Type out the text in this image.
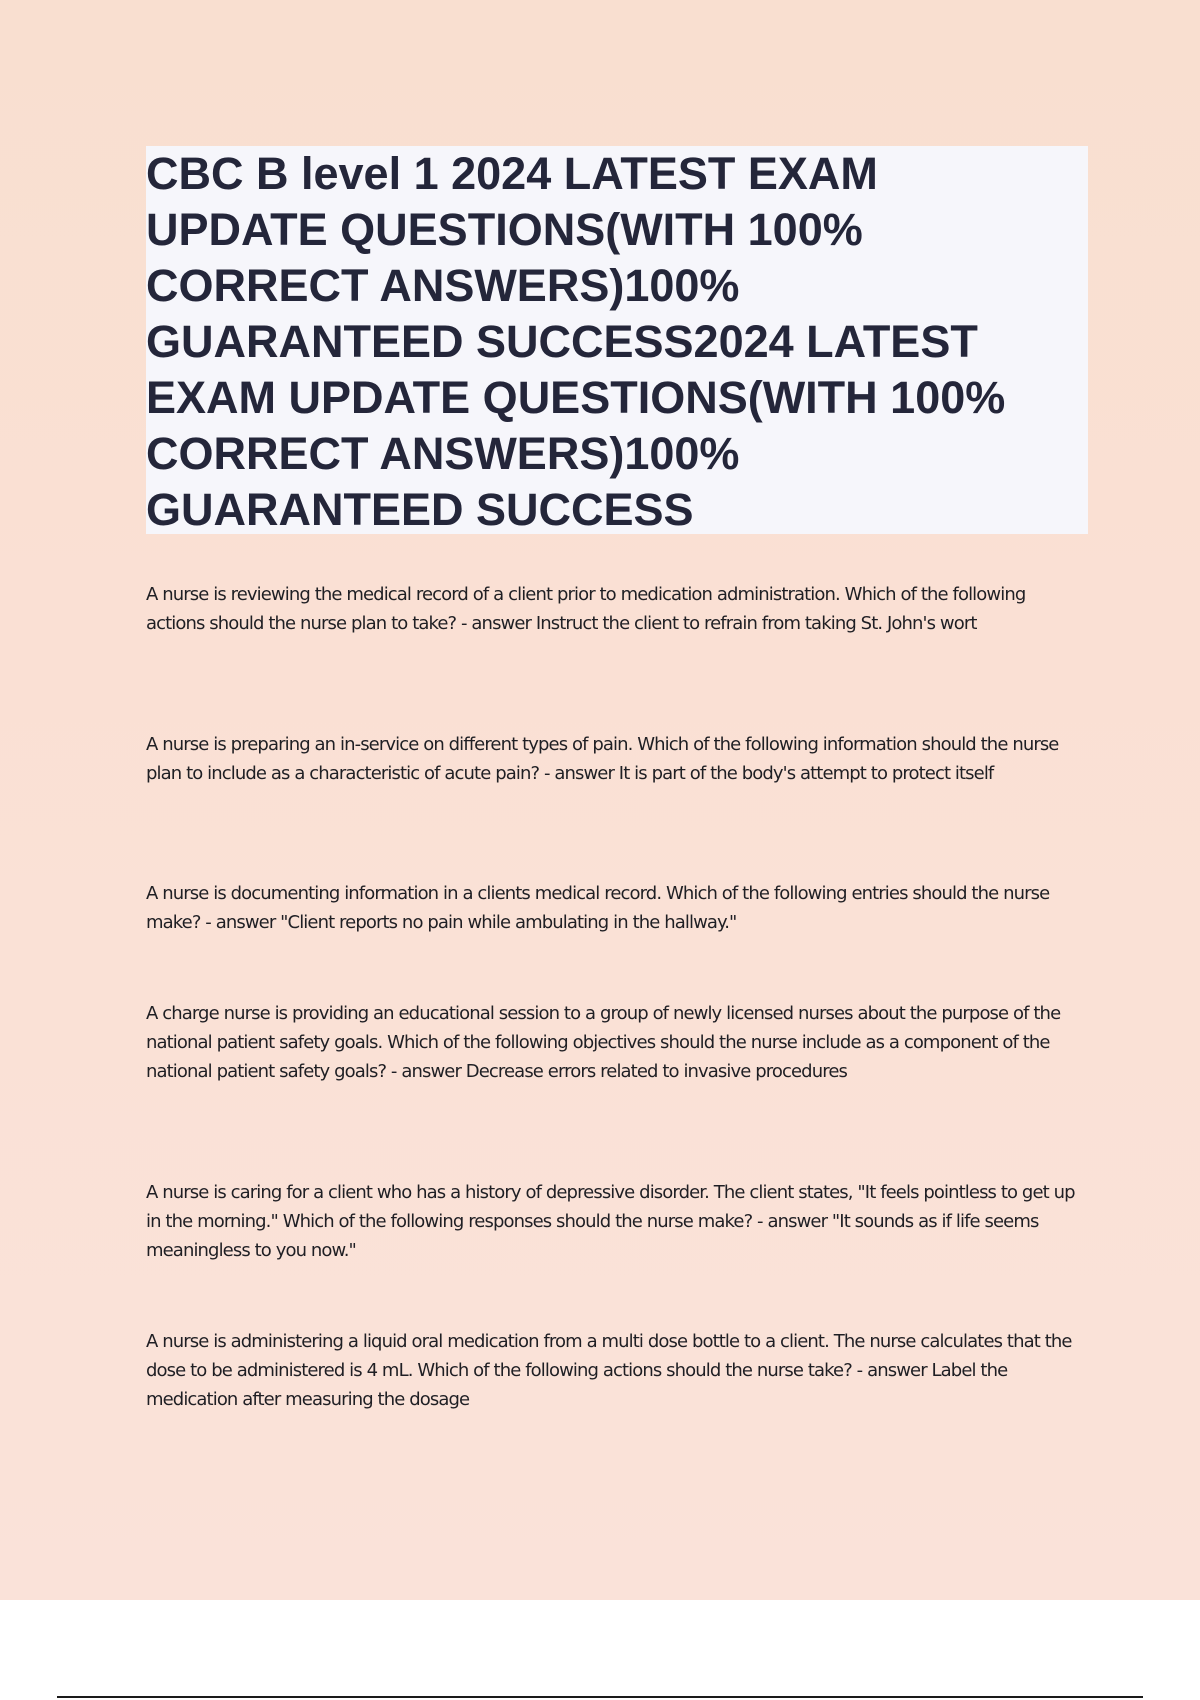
CBC B level 1 2024 LATEST EXAM UPDATE QUESTIONS(WITH 100% CORRECT ANSWERS)100% GUARANTEED SUCCESS2024 LATEST EXAM UPDATE QUESTIONS(WITH 100% CORRECT ANSWERS)100% GUARANTEED SUCCESS

A nurse is reviewing the medical record of a client prior to medication administration. Which of the following actions should the nurse plan to take? - answer Instruct the client to refrain from taking St. John's wort

A nurse is preparing an in-service on different types of pain. Which of the following information should the nurse plan to include as a characteristic of acute pain? - answer It is part of the body's attempt to protect itself

A nurse is documenting information in a clients medical record. Which of the following entries should the nurse make? - answer "Client reports no pain while ambulating in the hallway."

A charge nurse is providing an educational session to a group of newly licensed nurses about the purpose of the national patient safety goals. Which of the following objectives should the nurse include as a component of the national patient safety goals? - answer Decrease errors related to invasive procedures

A nurse is caring for a client who has a history of depressive disorder. The client states, "It feels pointless to get up in the morning." Which of the following responses should the nurse make? - answer "It sounds as if life seems meaningless to you now."

A nurse is administering a liquid oral medication from a multi dose bottle to a client. The nurse calculates that the dose to be administered is 4 mL. Which of the following actions should the nurse take? - answer Label the medication after measuring the dosage
